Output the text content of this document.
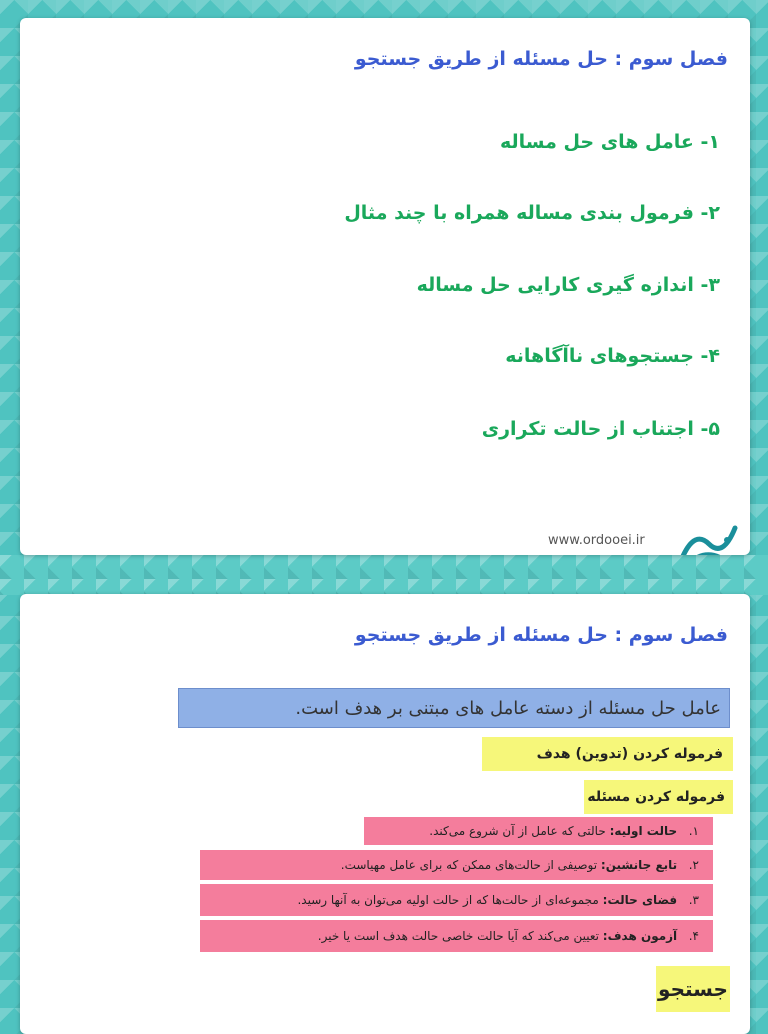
فصل سوم : حل مسئله از طریق جستجو
۱- عامل های حل مساله
۲- فرمول بندی مساله همراه با چند مثال
۳- اندازه گیری کارایی حل مساله
۴- جستجوهای ناآگاهانه
۵- اجتناب از حالت تکراری
www.ordooei.ir
فصل سوم : حل مسئله از طریق جستجو
عامل حل مسئله از دسته عامل های مبتنی بر هدف است.
فرموله کردن (تدوین) هدف
فرموله کردن مسئله
۱. حالت اولیه: حالتی که عامل از آن شروع می‌کند.
۲. تابع جانشین: توصیفی از حالت‌های ممکن که برای عامل مهیاست.
۳. فضای حالت: مجموعه‌ای از حالت‌ها که از حالت اولیه می‌توان به آنها رسید.
۴. آزمون هدف: تعیین می‌کند که آیا حالت خاصی حالت هدف است یا خیر.
جستجو
